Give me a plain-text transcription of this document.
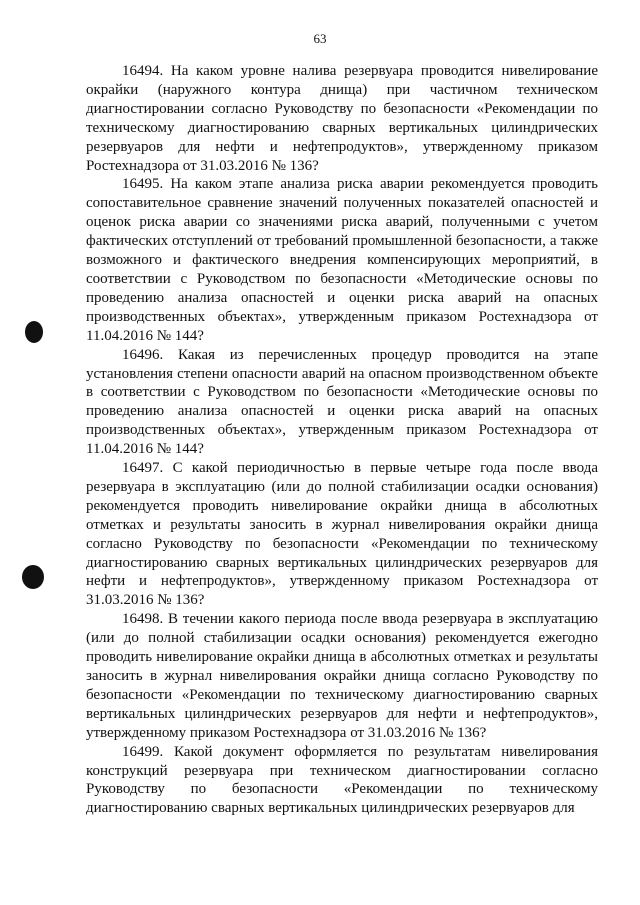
63

16494. На каком уровне налива резервуара проводится нивелирование окрайки (наружного контура днища) при частичном техническом диагностировании согласно Руководству по безопасности «Рекомендации по техническому диагностированию сварных вертикальных цилиндрических резервуаров для нефти и нефтепродуктов», утвержденному приказом Ростехнадзора от 31.03.2016 № 136?

16495. На каком этапе анализа риска аварии рекомендуется проводить сопоставительное сравнение значений полученных показателей опасностей и оценок риска аварии со значениями риска аварий, полученными с учетом фактических отступлений от требований промышленной безопасности, а также возможного и фактического внедрения компенсирующих мероприятий, в соответствии с Руководством по безопасности «Методические основы по проведению анализа опасностей и оценки риска аварий на опасных производственных объектах», утвержденным приказом Ростехнадзора от 11.04.2016 № 144?

16496. Какая из перечисленных процедур проводится на этапе установления степени опасности аварий на опасном производственном объекте в соответствии с Руководством по безопасности «Методические основы по проведению анализа опасностей и оценки риска аварий на опасных производственных объектах», утвержденным приказом Ростехнадзора от 11.04.2016 № 144?

16497. С какой периодичностью в первые четыре года после ввода резервуара в эксплуатацию (или до полной стабилизации осадки основания) рекомендуется проводить нивелирование окрайки днища в абсолютных отметках и результаты заносить в журнал нивелирования окрайки днища согласно Руководству по безопасности «Рекомендации по техническому диагностированию сварных вертикальных цилиндрических резервуаров для нефти и нефтепродуктов», утвержденному приказом Ростехнадзора от 31.03.2016 № 136?

16498. В течении какого периода после ввода резервуара в эксплуатацию (или до полной стабилизации осадки основания) рекомендуется ежегодно проводить нивелирование окрайки днища в абсолютных отметках и результаты заносить в журнал нивелирования окрайки днища согласно Руководству по безопасности «Рекомендации по техническому диагностированию сварных вертикальных цилиндрических резервуаров для нефти и нефтепродуктов», утвержденному приказом Ростехнадзора от 31.03.2016 № 136?

16499. Какой документ оформляется по результатам нивелирования конструкций резервуара при техническом диагностировании согласно Руководству по безопасности «Рекомендации по техническому диагностированию сварных вертикальных цилиндрических резервуаров для
